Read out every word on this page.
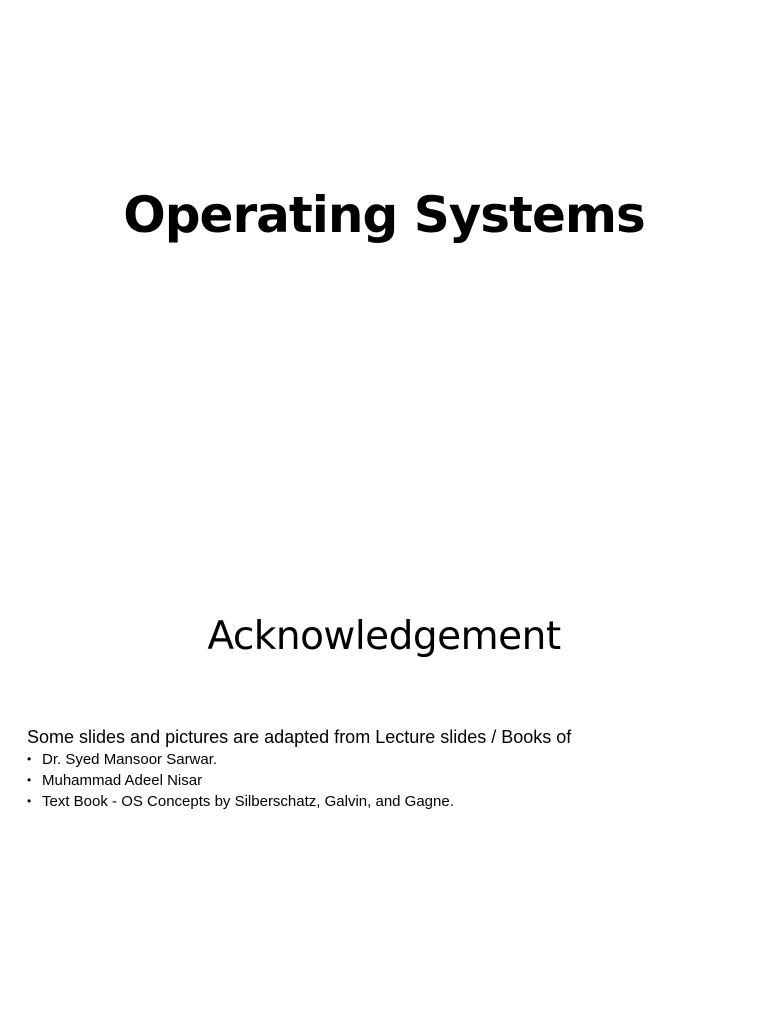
Operating Systems
Acknowledgement

Some slides and pictures are adapted from Lecture slides / Books of

• Dr. Syed Mansoor Sarwar.
• Muhammad Adeel Nisar
• Text Book - OS Concepts by Silberschatz, Galvin, and Gagne.
